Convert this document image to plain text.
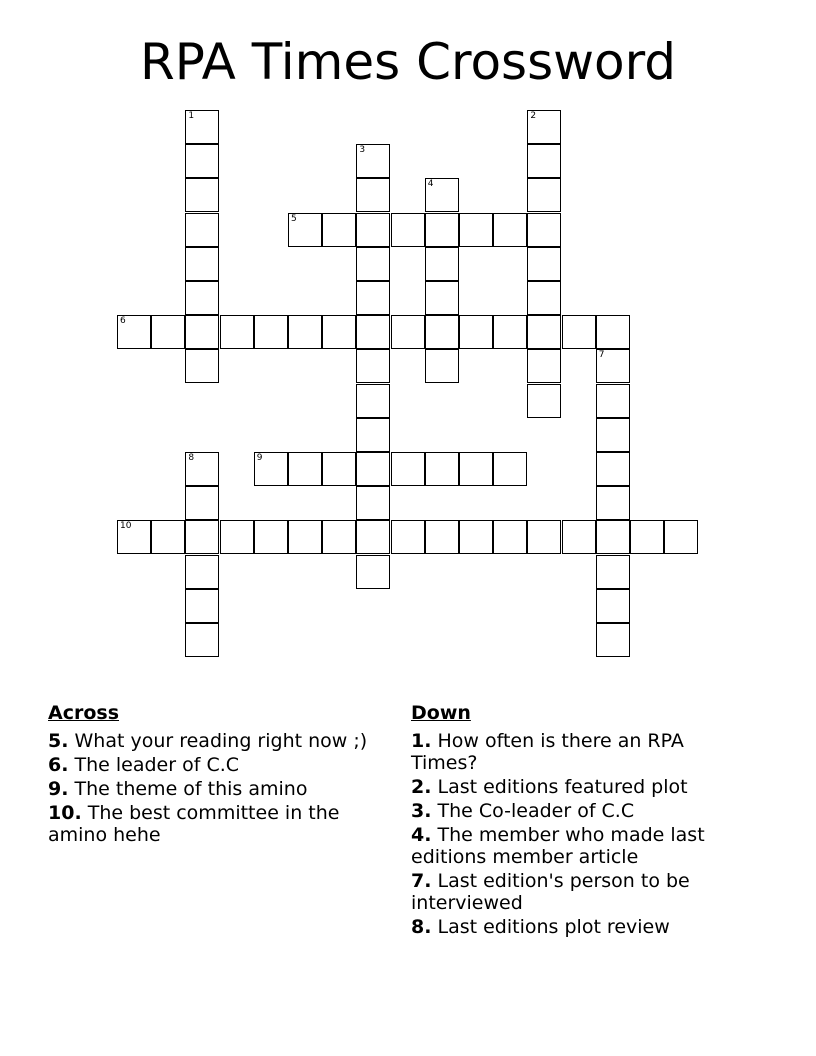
RPA Times Crossword
1	2
3
4
5
6
7
8	9
10
Across
5. What your reading right now ;)
6. The leader of C.C
9. The theme of this amino
10. The best committee in the amino hehe
Down
1. How often is there an RPA Times?
2. Last editions featured plot
3. The Co-leader of C.C
4. The member who made last editions member article
7. Last edition's person to be interviewed
8. Last editions plot review
